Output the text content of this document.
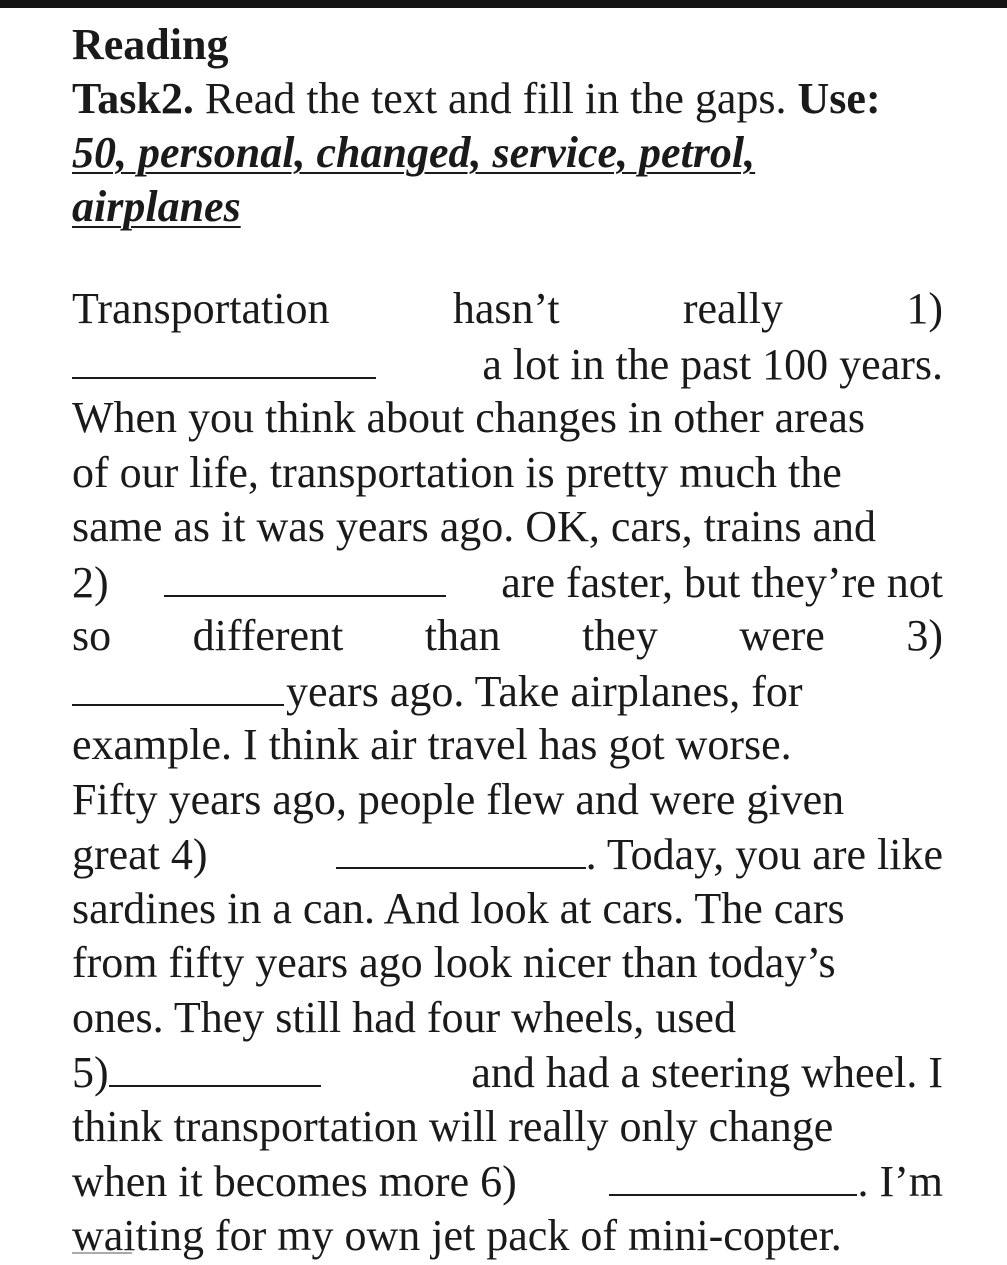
Reading

Task2. Read the text and fill in the gaps. Use:

50, personal, changed, service, petrol,
airplanes
Transportation	hasn’t	really	1)
a lot in the past 100 years.
When you think about changes in other areas
of our life, transportation is pretty much the
same as it was years ago. OK, cars, trains and
2)	are faster, but they’re not
so different than they were 3)
years ago. Take airplanes, for
example. I think air travel has got worse.
Fifty years ago, people flew and were given
great 4)	. Today, you are like
sardines in a can. And look at cars. The cars
from fifty years ago look nicer than today’s
ones. They still had four wheels, used
5)	and had a steering wheel. I
think transportation will really only change
when it becomes more 6)	. I’m
waiting for my own jet pack of mini-copter.
